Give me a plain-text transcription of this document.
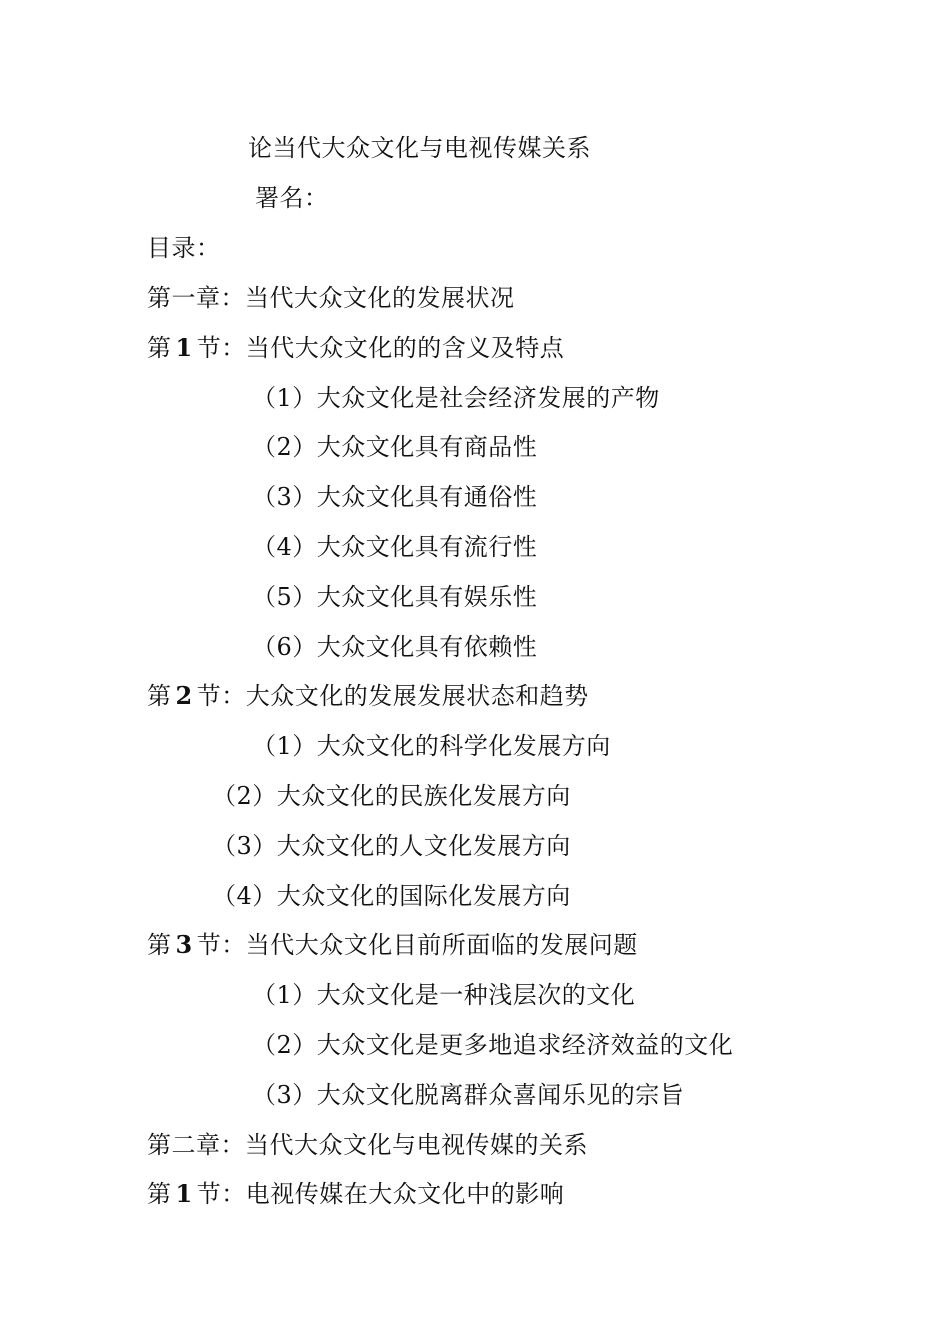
论当代大众文化与电视传媒关系
署名：
目录：
第一章：当代大众文化的发展状况
第 1 节：当代大众文化的的含义及特点
（1）大众文化是社会经济发展的产物
（2）大众文化具有商品性
（3）大众文化具有通俗性
（4）大众文化具有流行性
（5）大众文化具有娱乐性
（6）大众文化具有依赖性
第 2 节：大众文化的发展发展状态和趋势
（1）大众文化的科学化发展方向
（2）大众文化的民族化发展方向
（3）大众文化的人文化发展方向
（4）大众文化的国际化发展方向
第 3 节：当代大众文化目前所面临的发展问题
（1）大众文化是一种浅层次的文化
（2）大众文化是更多地追求经济效益的文化
（3）大众文化脱离群众喜闻乐见的宗旨
第二章：当代大众文化与电视传媒的关系
第 1 节：电视传媒在大众文化中的影响
